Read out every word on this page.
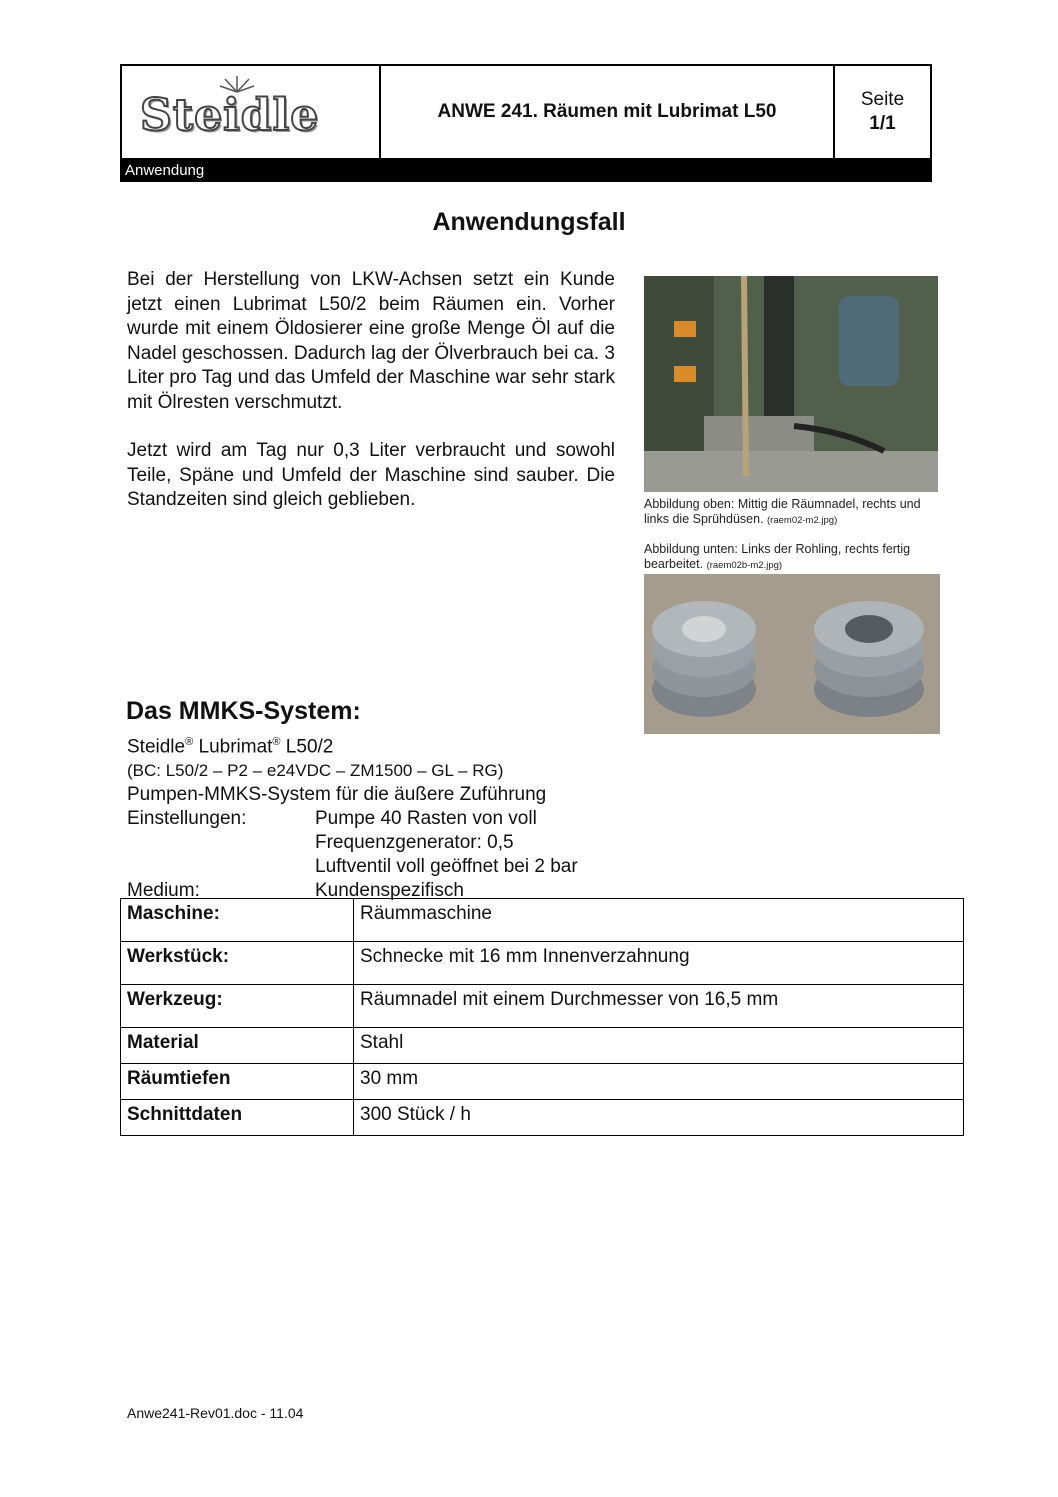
Steidle	ANWE 241. Räumen mit Lubrimat L50
Seite
1/1
Anwendung
Anwendungsfall

Bei der Herstellung von LKW-Achsen setzt ein Kunde jetzt einen Lubrimat L50/2 beim Räumen ein. Vorher wurde mit einem Öldosierer eine große Menge Öl auf die Nadel geschossen. Dadurch lag der Ölverbrauch bei ca. 3 Liter pro Tag und das Umfeld der Maschine war sehr stark mit Ölresten verschmutzt.

Jetzt wird am Tag nur 0,3 Liter verbraucht und sowohl Teile, Späne und Umfeld der Maschine sind sauber. Die Standzeiten sind gleich geblieben.	Abbildung oben: Mittig die Räumnadel, rechts und links die Sprühdüsen. (raem02-m2.jpg)
Abbildung unten: Links der Rohling, rechts fertig bearbeitet. (raem02b-m2.jpg)
Das MMKS-System:
Steidle® Lubrimat® L50/2
(BC: L50/2 – P2 – e24VDC – ZM1500 – GL – RG)
Pumpen-MMKS-System für die äußere Zuführung
Einstellungen:	Pumpe 40 Rasten von voll
Frequenzgenerator: 0,5
Luftventil voll geöffnet bei 2 bar
Medium:	Kundenspezifisch
Maschine:	Räummaschine
Werkstück:	Schnecke mit 16 mm Innenverzahnung
Werkzeug:	Räumnadel mit einem Durchmesser von 16,5 mm
Material	Stahl
Räumtiefen	30 mm
Schnittdaten	300 Stück / h
Anwe241-Rev01.doc - 11.04
